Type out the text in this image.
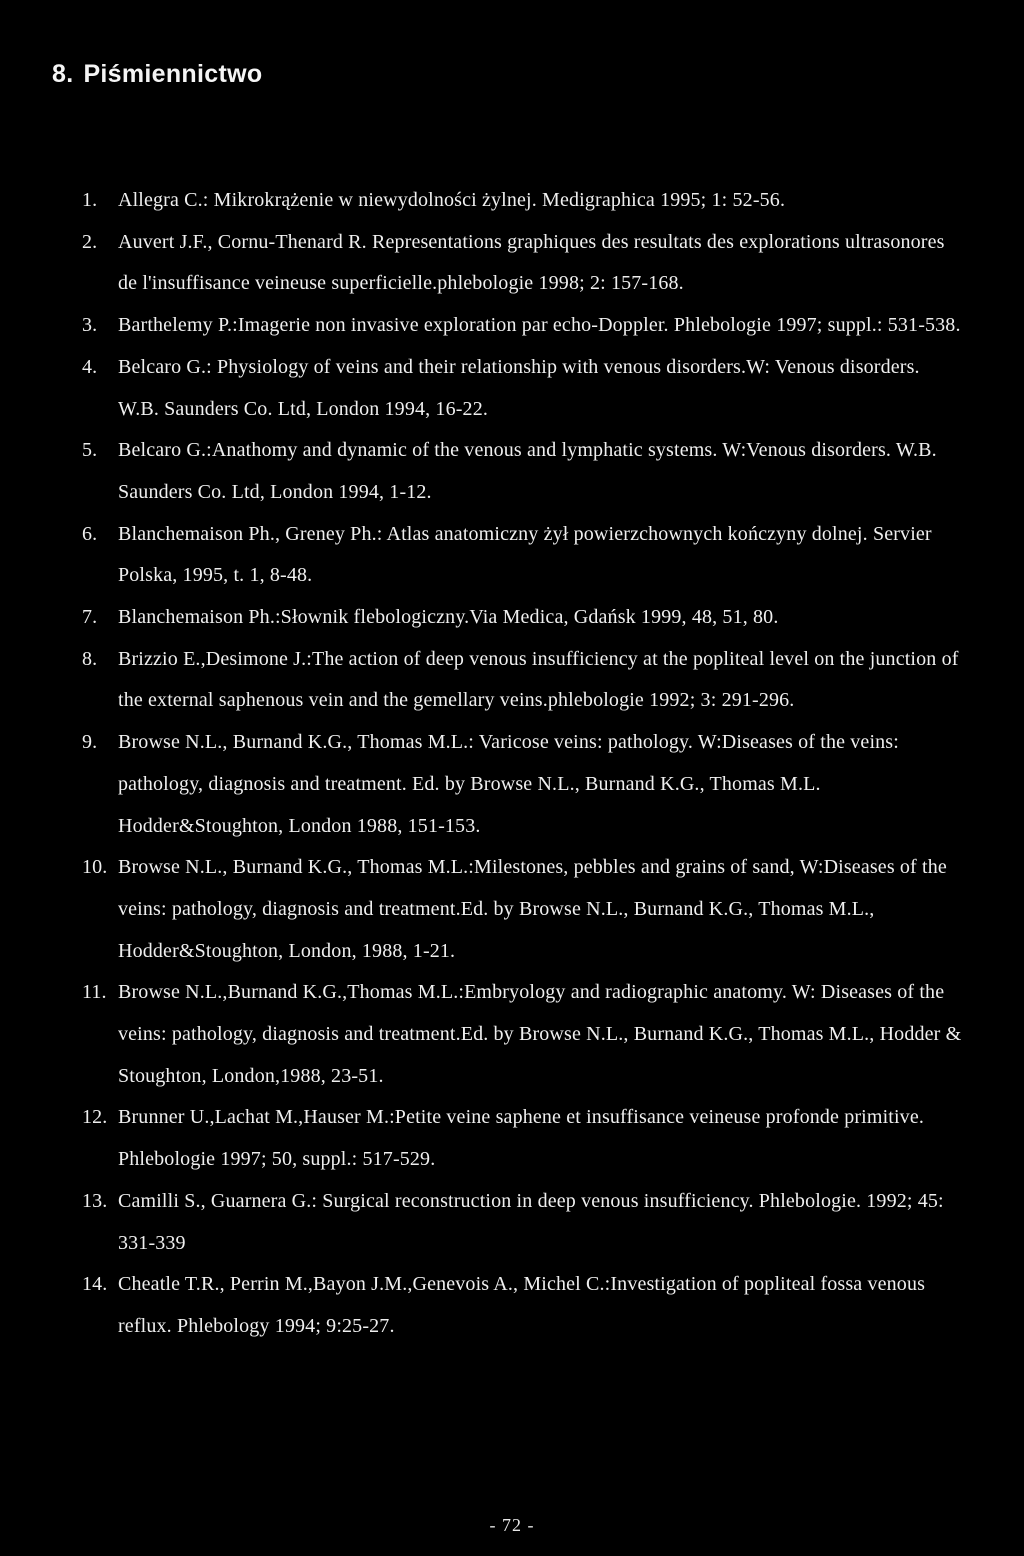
8. Piśmiennictwo
1.	Allegra C.: Mikrokrążenie w niewydolności żylnej. Medigraphica 1995; 1: 52-56.
2.	Auvert J.F., Cornu-Thenard R. Representations graphiques des resultats des explorations ultrasonores de l'insuffisance veineuse superficielle.phlebologie 1998; 2: 157-168.
3.	Barthelemy P.:Imagerie non invasive exploration par echo-Doppler. Phlebologie 1997; suppl.: 531-538.
4.	Belcaro G.: Physiology of veins and their relationship with venous disorders.W: Venous disorders. W.B. Saunders Co. Ltd, London 1994, 16-22.
5.	Belcaro G.:Anathomy and dynamic of the venous and lymphatic systems. W:Venous disorders. W.B. Saunders Co. Ltd, London 1994, 1-12.
6.	Blanchemaison Ph., Greney Ph.: Atlas anatomiczny żył powierzchownych kończyny dolnej. Servier Polska, 1995, t. 1, 8-48.
7.	Blanchemaison Ph.:Słownik flebologiczny.Via Medica, Gdańsk 1999, 48, 51, 80.
8.	Brizzio E.,Desimone J.:The action of deep venous insufficiency at the popliteal level on the junction of the external saphenous vein and the gemellary veins.phlebologie 1992; 3: 291-296.
9.	Browse N.L., Burnand K.G., Thomas M.L.: Varicose veins: pathology. W:Diseases of the veins: pathology, diagnosis and treatment. Ed. by Browse N.L., Burnand K.G., Thomas M.L. Hodder&Stoughton, London 1988, 151-153.
10. Browse N.L., Burnand K.G., Thomas M.L.:Milestones, pebbles and grains of sand, W:Diseases of the veins: pathology, diagnosis and treatment.Ed. by Browse N.L., Burnand K.G., Thomas M.L., Hodder&Stoughton, London, 1988, 1-21.
11. Browse N.L.,Burnand K.G.,Thomas M.L.:Embryology and radiographic anatomy. W: Diseases of the veins: pathology, diagnosis and treatment.Ed. by Browse N.L., Burnand K.G., Thomas M.L., Hodder & Stoughton, London,1988, 23-51.
12. Brunner U.,Lachat M.,Hauser M.:Petite veine saphene et insuffisance veineuse profonde primitive. Phlebologie 1997; 50, suppl.: 517-529.
13. Camilli S., Guarnera G.: Surgical reconstruction in deep venous insufficiency. Phlebologie. 1992; 45: 331-339
14. Cheatle T.R., Perrin M.,Bayon J.M.,Genevois A., Michel C.:Investigation of popliteal fossa venous reflux. Phlebology 1994; 9:25-27.
- 72 -
